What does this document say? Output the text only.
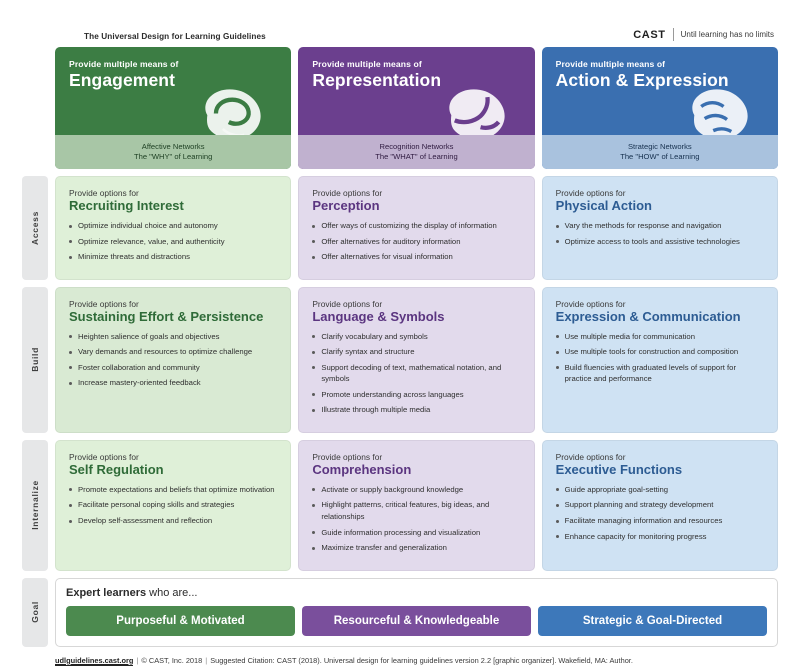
The Universal Design for Learning Guidelines	CAST Until learning has no limits
Provide multiple means of
Engagement
Affective Networks
The "WHY" of Learning
Provide multiple means of
Representation
Recognition Networks
The "WHAT" of Learning
Provide multiple means of
Action & Expression
Strategic Networks
The "HOW" of Learning
Access
Provide options for
Recruiting Interest
Optimize individual choice and autonomy
Optimize relevance, value, and authenticity
Minimize threats and distractions
Provide options for
Perception
Offer ways of customizing the display of information
Offer alternatives for auditory information
Offer alternatives for visual information
Provide options for
Physical Action
Vary the methods for response and navigation
Optimize access to tools and assistive technologies
Build
Provide options for
Sustaining Effort & Persistence
Heighten salience of goals and objectives
Vary demands and resources to optimize challenge
Foster collaboration and community
Increase mastery-oriented feedback
Provide options for
Language & Symbols
Clarify vocabulary and symbols
Clarify syntax and structure
Support decoding of text, mathematical notation, and symbols
Promote understanding across languages
Illustrate through multiple media
Provide options for
Expression & Communication
Use multiple media for communication
Use multiple tools for construction and composition
Build fluencies with graduated levels of support for practice and performance
Internalize
Provide options for
Self Regulation
Promote expectations and beliefs that optimize motivation
Facilitate personal coping skills and strategies
Develop self-assessment and reflection
Provide options for
Comprehension
Activate or supply background knowledge
Highlight patterns, critical features, big ideas, and relationships
Guide information processing and visualization
Maximize transfer and generalization
Provide options for
Executive Functions
Guide appropriate goal-setting
Support planning and strategy development
Facilitate managing information and resources
Enhance capacity for monitoring progress
Goal
Expert learners who are...
Purposeful & Motivated	Resourceful & Knowledgeable	Strategic & Goal-Directed
udlguidelines.cast.org | © CAST, Inc. 2018 | Suggested Citation: CAST (2018). Universal design for learning guidelines version 2.2 [graphic organizer]. Wakefield, MA: Author.
